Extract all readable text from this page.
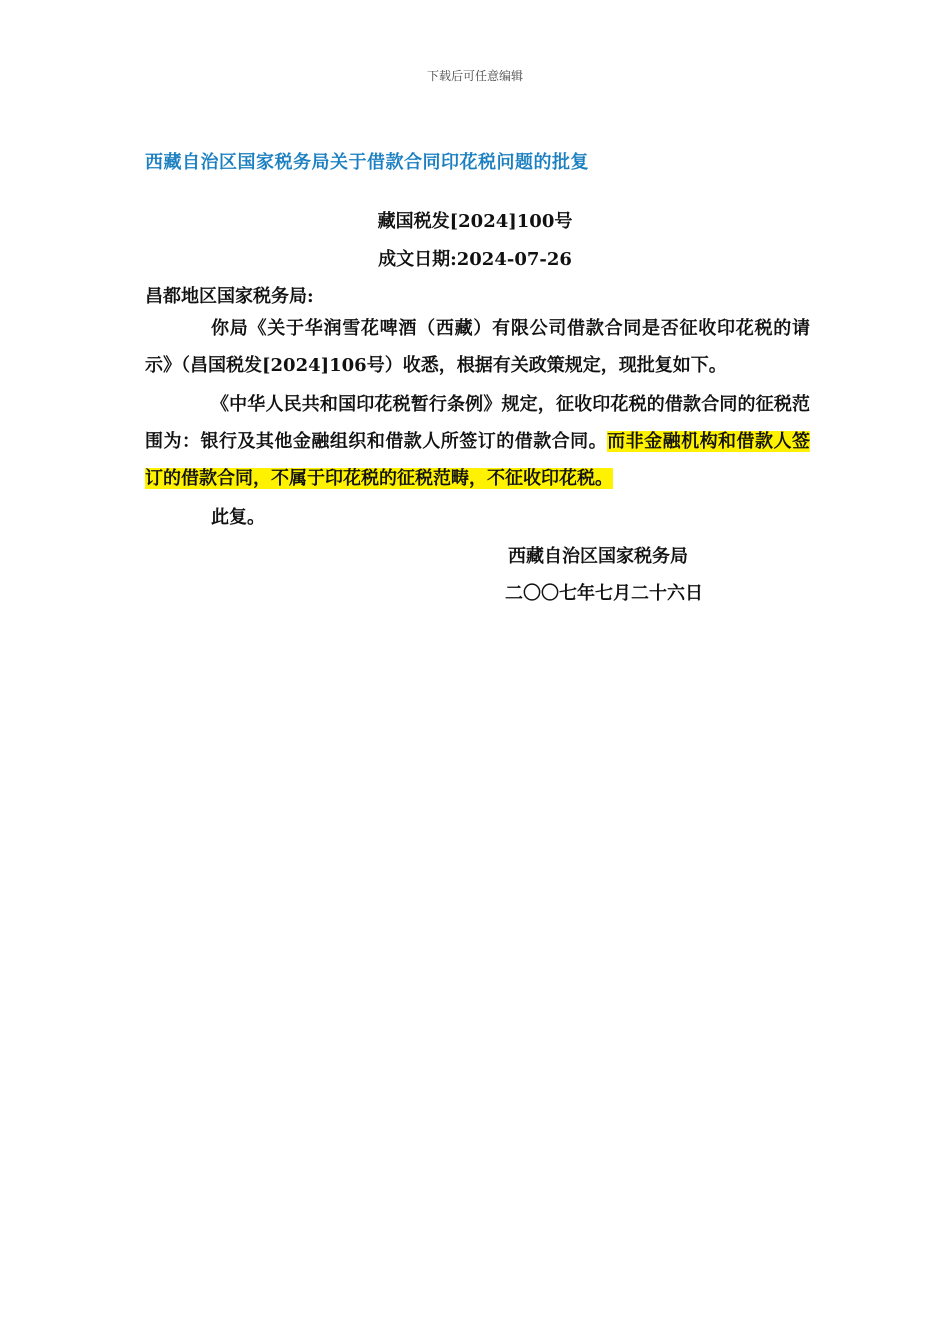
下载后可任意编辑
西藏自治区国家税务局关于借款合同印花税问题的批复
藏国税发[2024]100号
成文日期:2024-07-26
昌都地区国家税务局:

你局《关于华润雪花啤酒（西藏）有限公司借款合同是否征收印花税的请示》（昌国税发[2024]106号）收悉，根据有关政策规定，现批复如下。

《中华人民共和国印花税暂行条例》规定，征收印花税的借款合同的征税范围为：银行及其他金融组织和借款人所签订的借款合同。而非金融机构和借款人签订的借款合同，不属于印花税的征税范畴，不征收印花税。

此复。

西藏自治区国家税务局
二〇〇七年七月二十六日
